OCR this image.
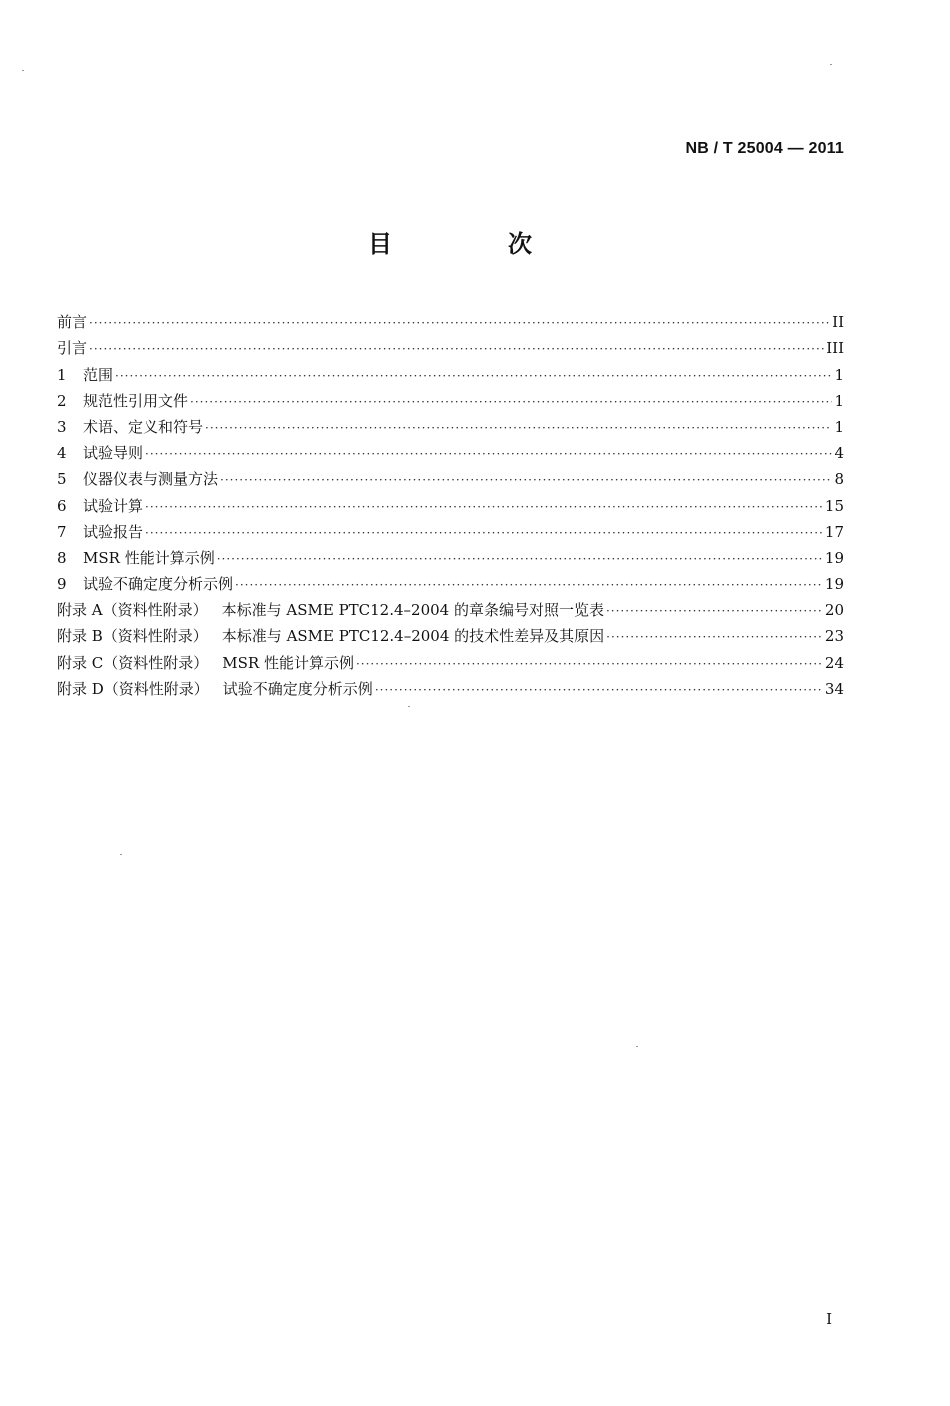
NB / T 25004 — 2011
目　次
前言 ·····	II
引言 ·····	III
1	范围 ·····	1
2	规范性引用文件 ·····	1
3	术语、定义和符号 ·····	1
4	试验导则 ·····	4
5	仪器仪表与测量方法 ·····	8
6	试验计算 ·····	15
7	试验报告 ·····	17
8	MSR 性能计算示例 ·····	19
9	试验不确定度分析示例 ·····	19
附录 A（资料性附录） 本标准与 ASME PTC12.4–2004 的章条编号对照一览表 ·····	20
附录 B（资料性附录） 本标准与 ASME PTC12.4–2004 的技术性差异及其原因 ·····	23
附录 C（资料性附录） MSR 性能计算示例 ·····	24
附录 D（资料性附录） 试验不确定度分析示例 ·····	34
I
